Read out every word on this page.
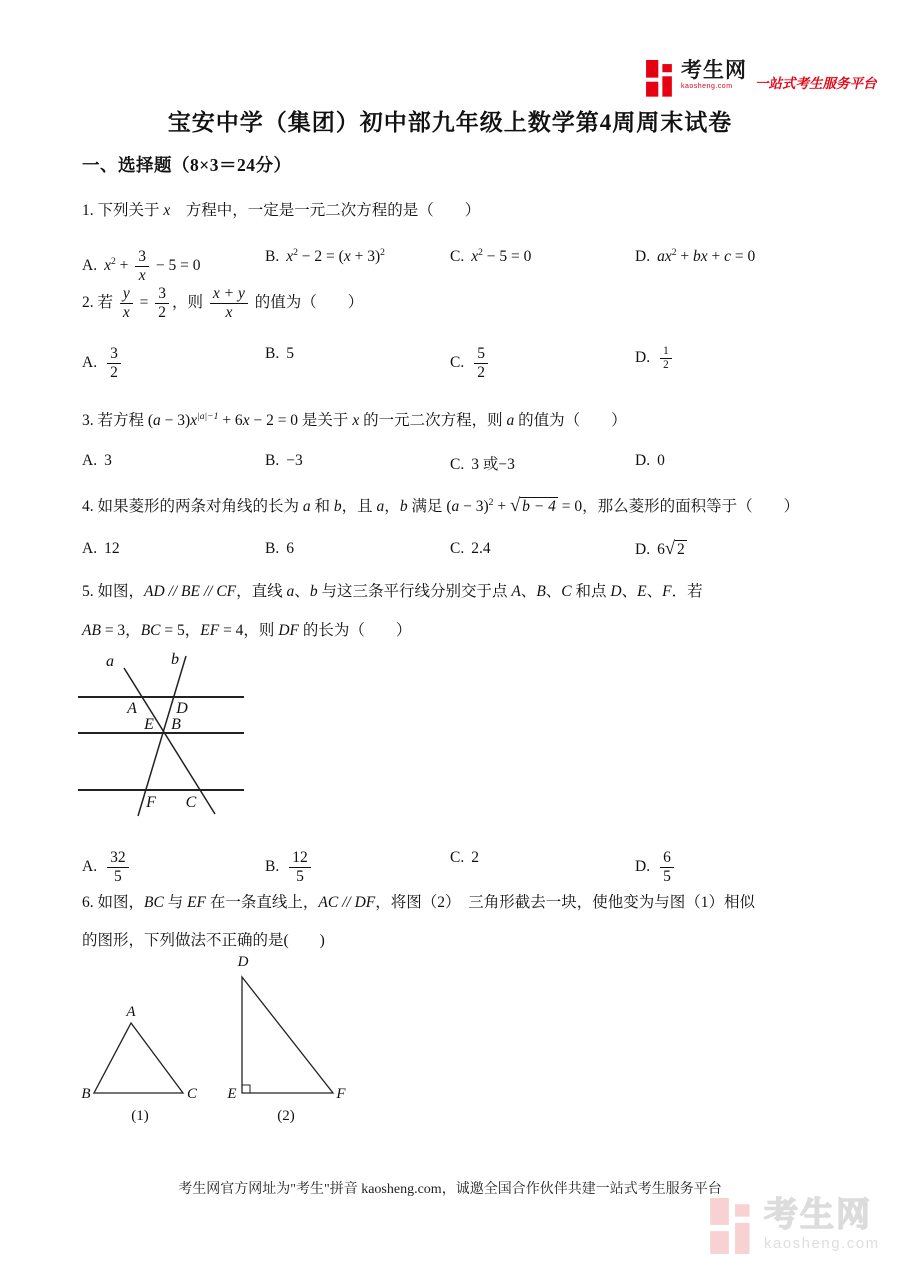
考生网
kaosheng.com	一站式考生服务平台
宝安中学（集团）初中部九年级上数学第4周周末试卷
一、选择题（8×3＝24分）
1. 下列关于 x　方程中，一定是一元二次方程的是（　　）
A. $x^2 + \frac{3}{x} - 5 = 0$
B. $x^2 - 2 = (x + 3)^2$	C. $x^2 - 5 = 0$	D. $ax^2$ + bx + c = 0
2. 若 $\frac{y}{x} = \frac{3}{2}$ ，则 $\frac{x + y}{x}$ 的值为（　　）
A. $\frac{3}{2}$	B. 5
C. $\frac{5}{2}$	D. $\frac{1}{2}$
3. 若方程 $(a - 3)x^{|a|-1} + 6x - 2 = 0$ 是关于 x 的一元二次方程，则 a 的值为（　　）
A. 3	B. −3	C. 3 或−3	D. 0
4. 如果菱形的两条对角线的长为 a 和 b，且 a，b 满足 $(a - 3)^2$ + √ b − 4 = 0，那么菱形的面积等于（　　）
A. 12	B. 6	C. 2.4	D. 6√ 2
5. 如图，AD // BE // CF，直线 a、b 与这三条平行线分别交于点 A、B、C 和点 D、E、F．若
AB = 3，BC = 5，EF = 4，则 DF 的长为（　　）
a	b
A D
E B
F C
A. $\frac{32}{5}$	B. $\frac{12}{5}$	C. 2
D. $\frac{6}{5}$
6. 如图，BC 与 EF 在一条直线上，AC // DF，将图（2）　三角形截去一块，使他变为与图（1）相似
的图形，下列做法不正确的是(　　)
A
B	C
D
E	F
(1)	(2)
考生网官方网址为"考生"拼音 kaosheng.com，诚邀全国合作伙伴共建一站式考生服务平台
考生网
kaosheng.com
